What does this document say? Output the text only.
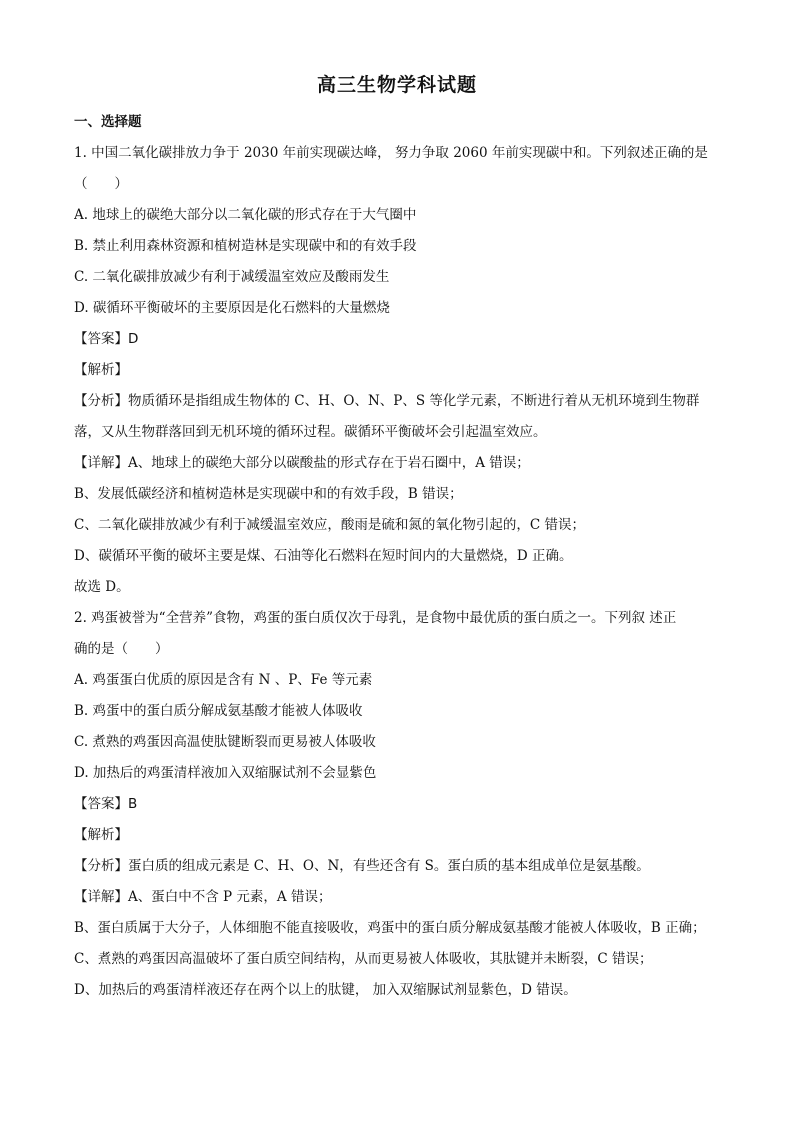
高三生物学科试题
一、选择题
1. 中国二氧化碳排放力争于 2030 年前实现碳达峰， 努力争取 2060 年前实现碳中和。下列叙述正确的是
（　　）
A. 地球上的碳绝大部分以二氧化碳的形式存在于大气圈中
B. 禁止利用森林资源和植树造林是实现碳中和的有效手段
C. 二氧化碳排放减少有利于减缓温室效应及酸雨发生
D. 碳循环平衡破坏的主要原因是化石燃料的大量燃烧
【答案】D
【解析】
【分析】物质循环是指组成生物体的 C、H、O、N、P、S 等化学元素，不断进行着从无机环境到生物群
落，又从生物群落回到无机环境的循环过程。碳循环平衡破坏会引起温室效应。
【详解】A、地球上的碳绝大部分以碳酸盐的形式存在于岩石圈中，A 错误；
B、发展低碳经济和植树造林是实现碳中和的有效手段，B 错误；
C、二氧化碳排放减少有利于减缓温室效应，酸雨是硫和氮的氧化物引起的，C 错误；
D、碳循环平衡的破坏主要是煤、石油等化石燃料在短时间内的大量燃烧，D 正确。
故选 D。
2. 鸡蛋被誉为“全营养”食物，鸡蛋的蛋白质仅次于母乳，是食物中最优质的蛋白质之一。下列叙 述正
确的是（　　）
A. 鸡蛋蛋白优质的原因是含有 N 、P、Fe 等元素
B. 鸡蛋中的蛋白质分解成氨基酸才能被人体吸收
C. 煮熟的鸡蛋因高温使肽键断裂而更易被人体吸收
D. 加热后的鸡蛋清样液加入双缩脲试剂不会显紫色
【答案】B
【解析】
【分析】蛋白质的组成元素是 C、H、O、N，有些还含有 S。蛋白质的基本组成单位是氨基酸。
【详解】A、蛋白中不含 P 元素，A 错误；
B、蛋白质属于大分子，人体细胞不能直接吸收，鸡蛋中的蛋白质分解成氨基酸才能被人体吸收，B 正确；
C、煮熟的鸡蛋因高温破坏了蛋白质空间结构，从而更易被人体吸收，其肽键并未断裂，C 错误；
D、加热后的鸡蛋清样液还存在两个以上的肽键， 加入双缩脲试剂显紫色，D 错误。
